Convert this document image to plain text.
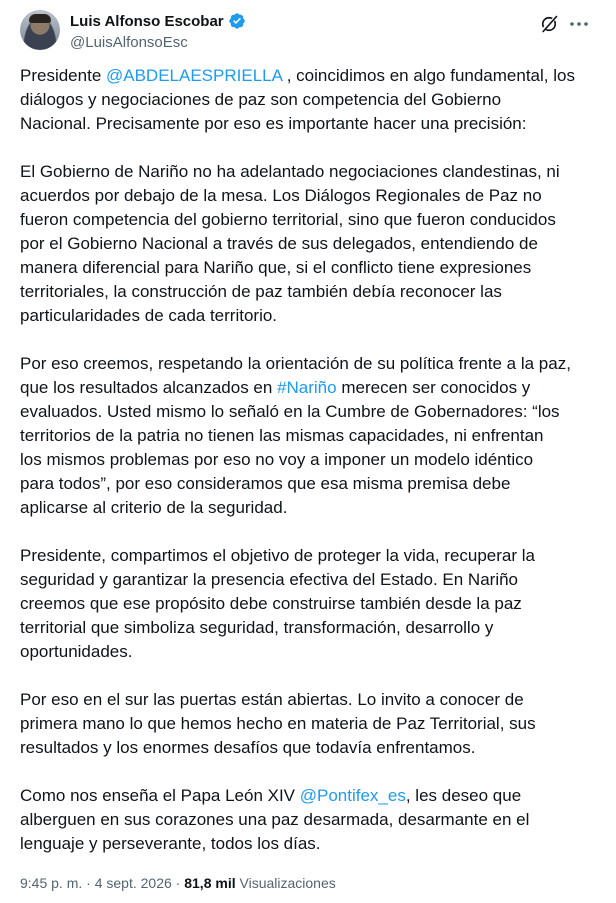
Luis Alfonso Escobar
@LuisAlfonsoEsc
Presidente @ABDELAESPRIELLA , coincidimos en algo fundamental, los
diálogos y negociaciones de paz son competencia del Gobierno
Nacional. Precisamente por eso es importante hacer una precisión:
El Gobierno de Nariño no ha adelantado negociaciones clandestinas, ni
acuerdos por debajo de la mesa. Los Diálogos Regionales de Paz no
fueron competencia del gobierno territorial, sino que fueron conducidos
por el Gobierno Nacional a través de sus delegados, entendiendo de
manera diferencial para Nariño que, si el conflicto tiene expresiones
territoriales, la construcción de paz también debía reconocer las
particularidades de cada territorio.
Por eso creemos, respetando la orientación de su política frente a la paz,
que los resultados alcanzados en #Nariño merecen ser conocidos y
evaluados. Usted mismo lo señaló en la Cumbre de Gobernadores: “los
territorios de la patria no tienen las mismas capacidades, ni enfrentan
los mismos problemas por eso no voy a imponer un modelo idéntico
para todos”, por eso consideramos que esa misma premisa debe
aplicarse al criterio de la seguridad.
Presidente, compartimos el objetivo de proteger la vida, recuperar la
seguridad y garantizar la presencia efectiva del Estado. En Nariño
creemos que ese propósito debe construirse también desde la paz
territorial que simboliza seguridad, transformación, desarrollo y
oportunidades.
Por eso en el sur las puertas están abiertas. Lo invito a conocer de
primera mano lo que hemos hecho en materia de Paz Territorial, sus
resultados y los enormes desafíos que todavía enfrentamos.
Como nos enseña el Papa León XIV @Pontifex_es, les deseo que
alberguen en sus corazones una paz desarmada, desarmante en el
lenguaje y perseverante, todos los días.
9:45 p. m. · 4 sept. 2026 · 81,8 mil Visualizaciones
